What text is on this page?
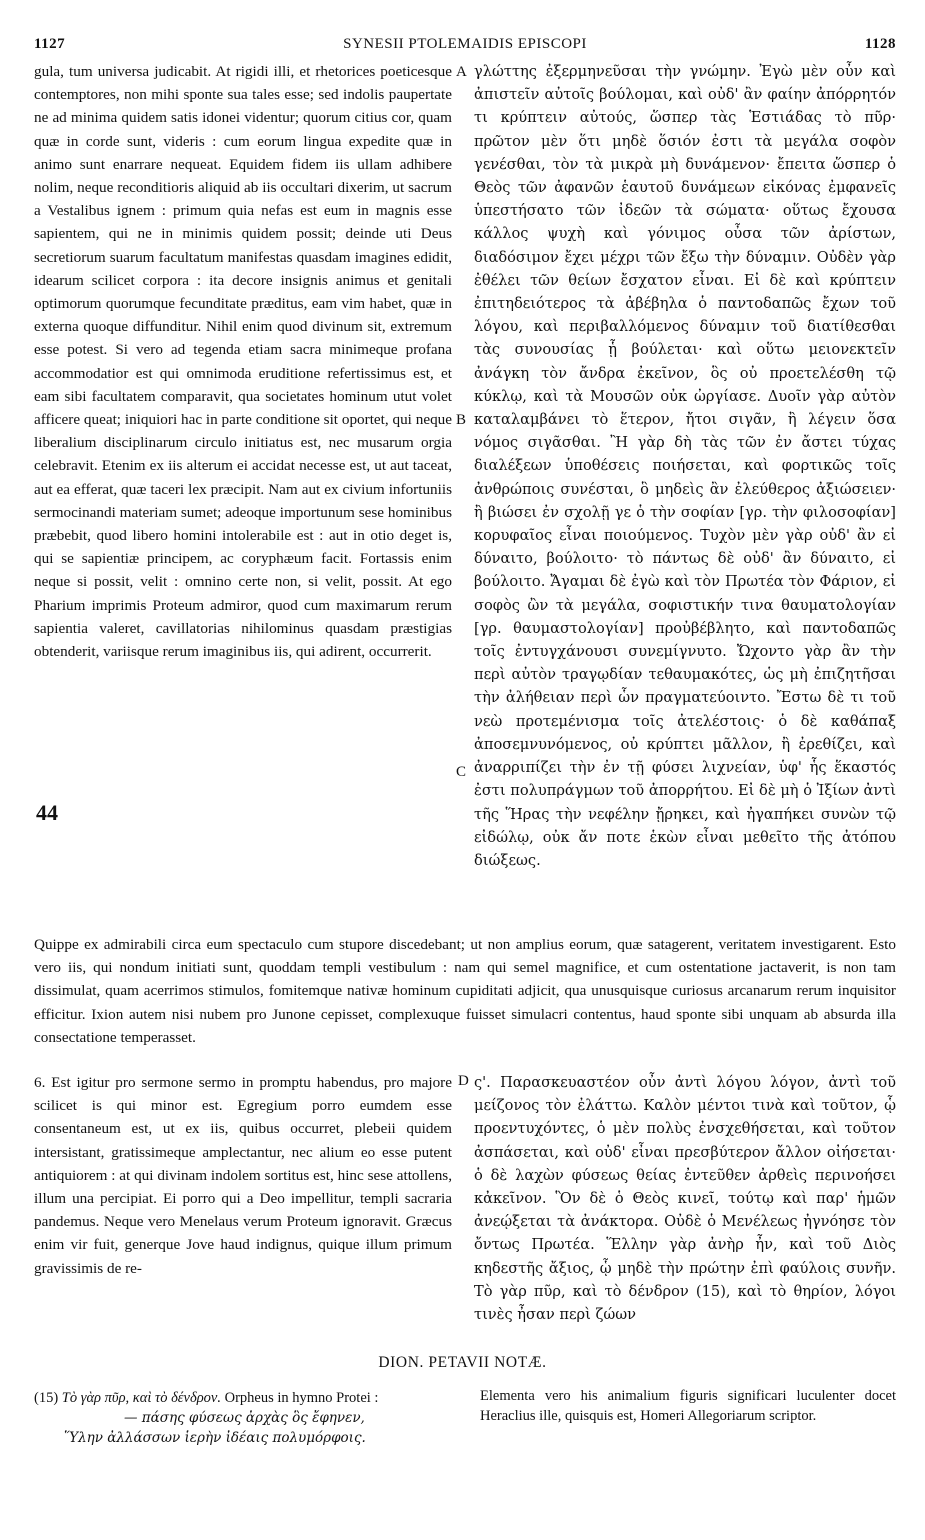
1127	SYNESII PTOLEMAIDIS EPISCOPI	1128
gula, tum universa judicabit. At rigidi illi, et rhetorices poeticesque contemptores, non mihi sponte sua tales esse; sed indolis paupertate ne ad minima quidem satis idonei videntur; quorum citius cor, quam quæ in corde sunt, videris : cum eorum lingua expedite quæ in animo sunt enarrare nequeat. Equidem fidem iis ullam adhibere nolim, neque reconditioris aliquid ab iis occultari dixerim, ut sacrum a Vestalibus ignem : primum quia nefas est eum in magnis esse sapientem, qui ne in minimis quidem possit; deinde uti Deus secretiorum suarum facultatum manifestas quasdam imagines edidit, idearum scilicet corpora : ita decore insignis animus et genitali optimorum quorumque fecunditate præditus, eam vim habet, quæ in externa quoque diffunditur. Nihil enim quod divinum sit, extremum esse potest. Si vero ad tegenda etiam sacra minimeque profana accommodatior est qui omnimoda eruditione refertissimus est, et eam sibi facultatem comparavit, qua societates hominum utut volet afficere queat; iniquiori hac in parte conditione sit oportet, qui neque liberalium disciplinarum circulo initiatus est, nec musarum orgia celebravit. Etenim ex iis alterum ei accidat necesse est, ut aut taceat, aut ea efferat, quæ taceri lex præcipit. Nam aut ex civium infortuniis sermocinandi materiam sumet; adeoque importunum sese hominibus præbebit, quod libero homini intolerabile est : aut in otio deget is, qui se sapientiæ principem, ac coryphæum facit. Fortassis enim neque si possit, velit : omnino certe non, si velit, possit. At ego Pharium imprimis Proteum admiror, quod cum maximarum rerum sapientia valeret, cavillatorias nihilominus quasdam præstigias obtenderit, variisque rerum imaginibus iis, qui adirent, occurrerit.
A
B
C
γλώττης ἐξερμηνεῦσαι τὴν γνώμην. Ἐγὼ μὲν οὖν καὶ ἀπιστεῖν αὐτοῖς βούλομαι, καὶ οὐδ' ἂν φαίην ἀπόρρητόν τι κρύπτειν αὐτούς, ὥσπερ τὰς Ἑστιάδας τὸ πῦρ· πρῶτον μὲν ὅτι μηδὲ ὅσιόν ἐστι τὰ μεγάλα σοφὸν γενέσθαι, τὸν τὰ μικρὰ μὴ δυνάμενον· ἔπειτα ὥσπερ ὁ Θεὸς τῶν ἀφανῶν ἑαυτοῦ δυνάμεων εἰκόνας ἐμφανεῖς ὑπεστήσατο τῶν ἰδεῶν τὰ σώματα· οὕτως ἔχουσα κάλλος ψυχὴ καὶ γόνιμος οὖσα τῶν ἀρίστων, διαδόσιμον ἔχει μέχρι τῶν ἔξω τὴν δύναμιν. Οὐδὲν γὰρ ἐθέλει τῶν θείων ἔσχατον εἶναι. Εἰ δὲ καὶ κρύπτειν ἐπιτηδειότερος τὰ ἀβέβηλα ὁ παντοδαπῶς ἔχων τοῦ λόγου, καὶ περιβαλλόμενος δύναμιν τοῦ διατίθεσθαι τὰς συνουσίας ᾗ βούλεται· καὶ οὕτω μειονεκτεῖν ἀνάγκη τὸν ἄνδρα ἐκεῖνον, ὃς οὐ προετελέσθη τῷ κύκλῳ, καὶ τὰ Μουσῶν οὐκ ὠργίασε. Δυοῖν γὰρ αὐτὸν καταλαμβάνει τὸ ἕτερον, ἤτοι σιγᾶν, ἢ λέγειν ὅσα νόμος σιγᾶσθαι. Ἢ γὰρ δὴ τὰς τῶν ἐν ἄστει τύχας διαλέξεων ὑποθέσεις ποιήσεται, καὶ φορτικῶς τοῖς ἀνθρώποις συνέσται, ὃ μηδεὶς ἂν ἐλεύθερος ἀξιώσειεν· ἢ βιώσει ἐν σχολῇ γε ὁ τὴν σοφίαν [γρ. τὴν φιλοσοφίαν] κορυφαῖος εἶναι ποιούμενος. Τυχὸν μὲν γὰρ οὐδ' ἂν εἰ δύναιτο, βούλοιτο· τὸ πάντως δὲ οὐδ' ἂν δύναιτο, εἰ βούλοιτο. Ἄγαμαι δὲ ἐγὼ καὶ τὸν Πρωτέα τὸν Φάριον, εἰ σοφὸς ὢν τὰ μεγάλα, σοφιστικήν τινα θαυματολογίαν [γρ. θαυμαστολογίαν] προὐβέβλητο, καὶ παντοδαπῶς τοῖς ἐντυγχάνουσι συνεμίγνυτο. Ὤχοντο γὰρ ἂν τὴν περὶ αὐτὸν τραγῳδίαν τεθαυμακότες, ὡς μὴ ἐπιζητῆσαι τὴν ἀλήθειαν περὶ ὧν πραγματεύοιντο. Ἔστω δὲ τι τοῦ νεὼ προτεμένισμα τοῖς ἀτελέστοις· ὁ δὲ καθάπαξ ἀποσεμνυνόμενος, οὐ κρύπτει μᾶλλον, ἢ ἐρεθίζει, καὶ ἀναρριπίζει τὴν ἐν τῇ φύσει λιχνείαν, ὑφ' ἧς ἕκαστός ἐστι πολυπράγμων τοῦ ἀπορρήτου. Εἰ δὲ μὴ ὁ Ἰξίων ἀντὶ τῆς Ἥρας τὴν νεφέλην ᾔρηκει, καὶ ἠγαπήκει συνὼν τῷ εἰδώλῳ, οὐκ ἄν ποτε ἑκὼν εἶναι μεθεῖτο τῆς ἀτόπου διώξεως.
Quippe ex admirabili circa eum spectaculo cum stupore discedebant; ut non amplius eorum, quæ satagerent, veritatem investigarent. Esto vero iis, qui nondum initiati sunt, quoddam templi vestibulum : nam qui semel magnifice, et cum ostentatione jactaverit, is non tam dissimulat, quam acerrimos stimulos, fomitemque nativæ hominum cupiditati adjicit, qua unusquisque curiosus arcanarum rerum inquisitor efficitur. Ixion autem nisi nubem pro Junone cepisset, complexuque fuisset simulacri contentus, haud sponte sibi unquam ab absurda illa consectatione temperasset.
6. Est igitur pro sermone sermo in promptu habendus, pro majore scilicet is qui minor est. Egregium porro eumdem esse consentaneum est, ut ex iis, quibus occurret, plebeii quidem intersistant, gratissimeque amplectantur, nec alium eo esse putent antiquiorem : at qui divinam indolem sortitus est, hinc sese attollens, illum una percipiat. Ei porro qui a Deo impellitur, templi sacraria pandemus. Neque vero Menelaus verum Proteum ignoravit. Græcus enim vir fuit, generque Jove haud indignus, quique illum primum gravissimis de re-
D ς'. Παρασκευαστέον οὖν ἀντὶ λόγου λόγον, ἀντὶ τοῦ μείζονος τὸν ἐλάττω. Καλὸν μέντοι τινὰ καὶ τοῦτον, ᾧ προεντυχόντες, ὁ μὲν πολὺς ἐνσχεθήσεται, καὶ τοῦτον ἀσπάσεται, καὶ οὐδ' εἶναι πρεσβύτερον ἄλλον οἰήσεται· ὁ δὲ λαχὼν φύσεως θείας ἐντεῦθεν ἀρθεὶς περινοήσει κἀκεῖνον. Ὃν δὲ ὁ Θεὸς κινεῖ, τούτῳ καὶ παρ' ἡμῶν ἀνεῴξεται τὰ ἀνάκτορα. Οὐδὲ ὁ Μενέλεως ἠγνόησε τὸν ὄντως Πρωτέα. Ἕλλην γὰρ ἀνὴρ ἦν, καὶ τοῦ Διὸς κηδεστῆς ἄξιος, ᾧ μηδὲ τὴν πρώτην ἐπὶ φαύλοις συνῆν. Τὸ γὰρ πῦρ, καὶ τὸ δένδρον (15), καὶ τὸ θηρίον, λόγοι τινὲς ἦσαν περὶ ζώων
DION. PETAVII NOTÆ.
(15) Τὸ γὰρ πῦρ, καὶ τὸ δένδρον. Orpheus in hymno Protei :
— πάσης φύσεως ἀρχὰς ὃς ἔφηνεν,
Ὕλην ἀλλάσσων ἱερὴν ἰδέαις πολυμόρφοις.
Elementa vero his animalium figuris significari luculenter docet Heraclius ille, quisquis est, Homeri Allegoriarum scriptor.
44
